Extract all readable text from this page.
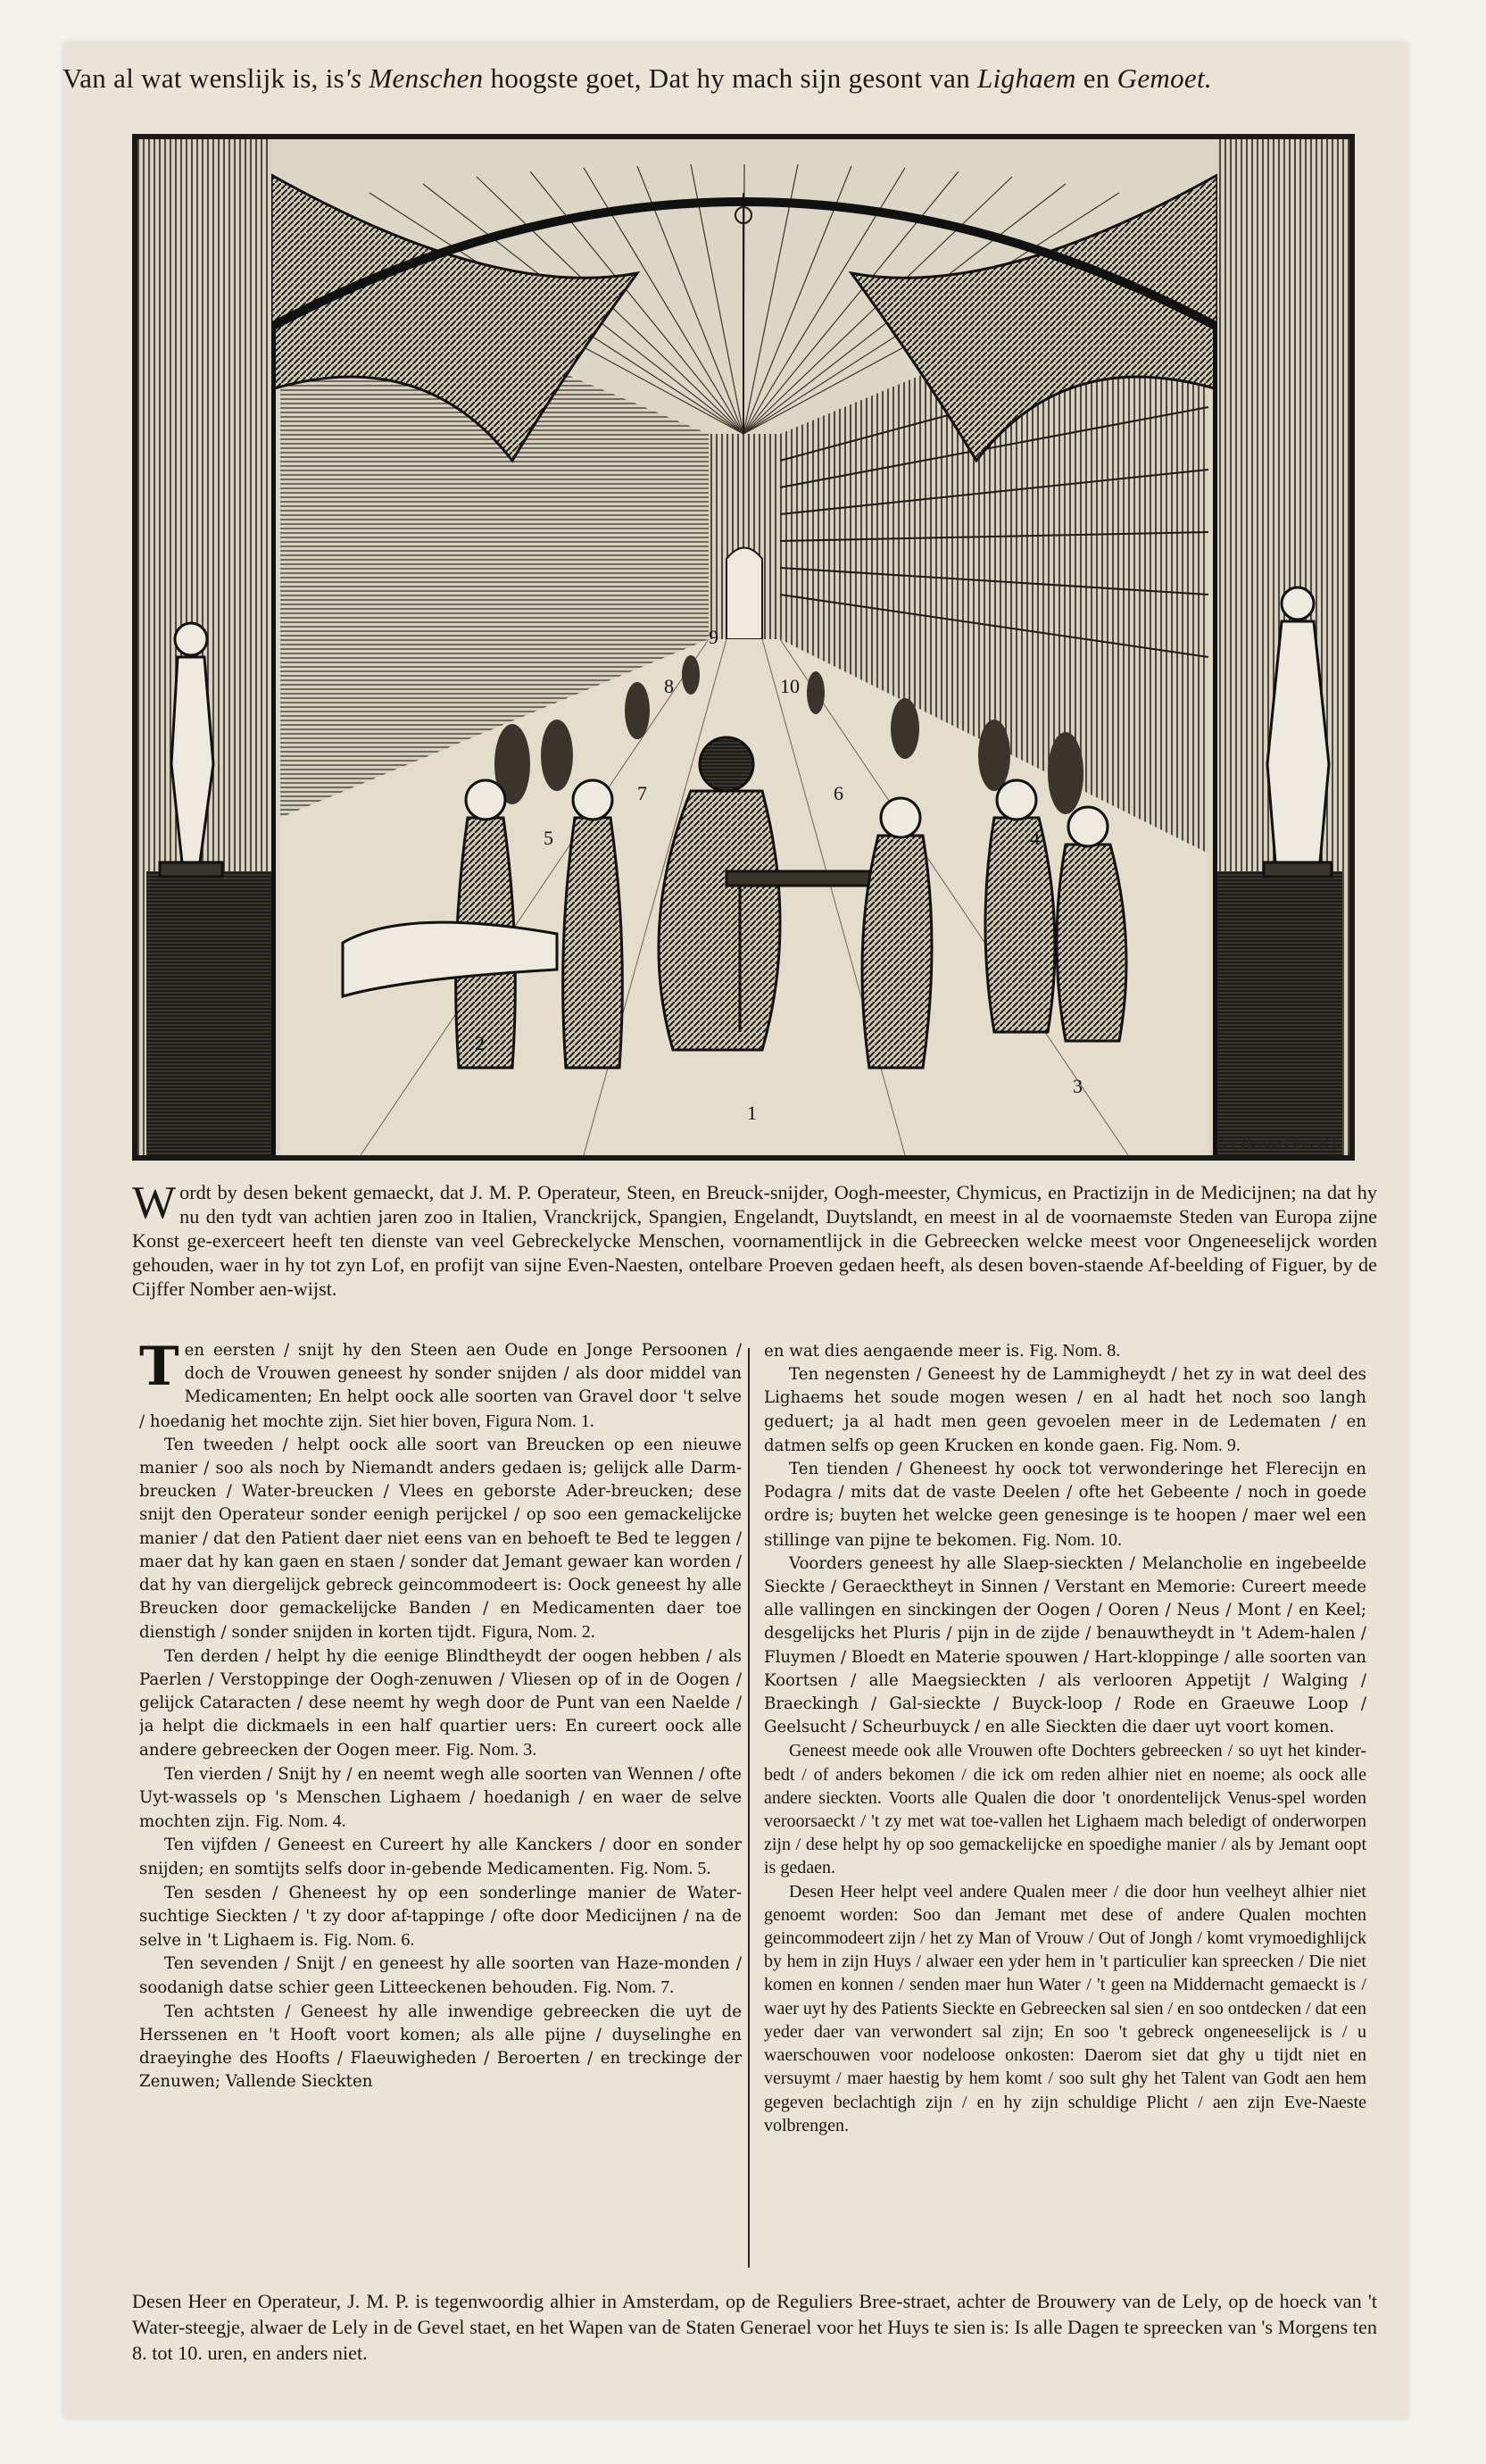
Van al wat wenslijk is, is's Menschen hoogste goet, Dat hy mach sijn gesont van Lighaem en Gemoet.
1
2
3
4
5
6
7
8
9
10
J. v Bevoort inv. et f.
Wordt by desen bekent gemaeckt, dat J. M. P. Operateur, Steen, en Breuck-snijder, Oogh-meester, Chymicus, en Practizijn in de Medicijnen; na dat hy nu den tydt van achtien jaren zoo in Italien, Vranckrijck, Spangien, Engelandt, Duytslandt, en meest in al de voornaemste Steden van Europa zijne Konst ge-exerceert heeft ten dienste van veel Gebreckelycke Menschen, voornamentlijck in die Gebreecken welcke meest voor Ongeneeselijck worden gehouden, waer in hy tot zyn Lof, en profijt van sijne Even-Naesten, ontelbare Proeven gedaen heeft, als desen boven-staende Af-beelding of Figuer, by de Cijffer Nomber aen-wijst.

Ten eersten / snijt hy den Steen aen Oude en Jonge Persoonen / doch de Vrouwen geneest hy sonder snijden / als door middel van Medicamenten; En helpt oock alle soorten van Gravel door 't selve / hoedanig het mochte zijn. Siet hier boven, Figura Nom. 1.

Ten tweeden / helpt oock alle soort van Breucken op een nieuwe manier / soo als noch by Niemandt anders gedaen is; gelijck alle Darm-breucken / Water-breucken / Vlees en geborste Ader-breucken; dese snijt den Operateur sonder eenigh perijckel / op soo een gemackelijcke manier / dat den Patient daer niet eens van en behoeft te Bed te leggen / maer dat hy kan gaen en staen / sonder dat Jemant gewaer kan worden / dat hy van diergelijck gebreck geincommodeert is: Oock geneest hy alle Breucken door gemackelijcke Banden / en Medicamenten daer toe dienstigh / sonder snijden in korten tijdt. Figura, Nom. 2.

Ten derden / helpt hy die eenige Blindtheydt der oogen hebben / als Paerlen / Verstoppinge der Oogh-zenuwen / Vliesen op of in de Oogen / gelijck Cataracten / dese neemt hy wegh door de Punt van een Naelde / ja helpt die dickmaels in een half quartier uers: En cureert oock alle andere gebreecken der Oogen meer. Fig. Nom. 3.

Ten vierden / Snijt hy / en neemt wegh alle soorten van Wennen / ofte Uyt-wassels op 's Menschen Lighaem / hoedanigh / en waer de selve mochten zijn. Fig. Nom. 4.

Ten vijfden / Geneest en Cureert hy alle Kanckers / door en sonder snijden; en somtijts selfs door in-gebende Medicamenten. Fig. Nom. 5.

Ten sesden / Gheneest hy op een sonderlinge manier de Water-suchtige Sieckten / 't zy door af-tappinge / ofte door Medicijnen / na de selve in 't Lighaem is. Fig. Nom. 6.

Ten sevenden / Snijt / en geneest hy alle soorten van Haze-monden / soodanigh datse schier geen Litteeckenen behouden. Fig. Nom. 7.

Ten achtsten / Geneest hy alle inwendige gebreecken die uyt de Herssenen en 't Hooft voort komen; als alle pijne / duyselinghe en draeyinghe des Hoofts / Flaeuwigheden / Beroerten / en treckinge der Zenuwen; Vallende Sieckten

en wat dies aengaende meer is. Fig. Nom. 8.

Ten negensten / Geneest hy de Lammigheydt / het zy in wat deel des Lighaems het soude mogen wesen / en al hadt het noch soo langh geduert; ja al hadt men geen gevoelen meer in de Ledematen / en datmen selfs op geen Krucken en konde gaen. Fig. Nom. 9.

Ten tienden / Gheneest hy oock tot verwonderinge het Flerecijn en Podagra / mits dat de vaste Deelen / ofte het Gebeente / noch in goede ordre is; buyten het welcke geen genesinge is te hoopen / maer wel een stillinge van pijne te bekomen. Fig. Nom. 10.

Voorders geneest hy alle Slaep-sieckten / Melancholie en ingebeelde Sieckte / Geraecktheyt in Sinnen / Verstant en Memorie: Cureert meede alle vallingen en sinckingen der Oogen / Ooren / Neus / Mont / en Keel; desgelijcks het Pluris / pijn in de zijde / benauwtheydt in 't Adem-halen / Fluymen / Bloedt en Materie spouwen / Hart-kloppinge / alle soorten van Koortsen / alle Maegsieckten / als verlooren Appetijt / Walging / Braeckingh / Gal-sieckte / Buyck-loop / Rode en Graeuwe Loop / Geelsucht / Scheurbuyck / en alle Sieckten die daer uyt voort komen.

Geneest meede ook alle Vrouwen ofte Dochters gebreecken / so uyt het kinder-bedt / of anders bekomen / die ick om reden alhier niet en noeme; als oock alle andere sieckten. Voorts alle Qualen die door 't onordentelijck Venus-spel worden veroorsaeckt / 't zy met wat toe-vallen het Lighaem mach beledigt of onderworpen zijn / dese helpt hy op soo gemackelijcke en spoedighe manier / als by Jemant oopt is gedaen.

Desen Heer helpt veel andere Qualen meer / die door hun veelheyt alhier niet genoemt worden: Soo dan Jemant met dese of andere Qualen mochten geincommodeert zijn / het zy Man of Vrouw / Out of Jongh / komt vrymoedighlijck by hem in zijn Huys / alwaer een yder hem in 't particulier kan spreecken / Die niet komen en konnen / senden maer hun Water / 't geen na Middernacht gemaeckt is / waer uyt hy des Patients Sieckte en Gebreecken sal sien / en soo ontdecken / dat een yeder daer van verwondert sal zijn; En soo 't gebreck ongeneeselijck is / u waerschouwen voor nodeloose onkosten: Daerom siet dat ghy u tijdt niet en versuymt / maer haestig by hem komt / soo sult ghy het Talent van Godt aen hem gegeven beclachtigh zijn / en hy zijn schuldige Plicht / aen zijn Eve-Naeste volbrengen.

Desen Heer en Operateur, J. M. P. is tegenwoordig alhier in Amsterdam, op de Reguliers Bree-straet, achter de Brouwery van de Lely, op de hoeck van 't Water-steegje, alwaer de Lely in de Gevel staet, en het Wapen van de Staten Generael voor het Huys te sien is: Is alle Dagen te spreecken van 's Morgens ten 8. tot 10. uren, en anders niet.
